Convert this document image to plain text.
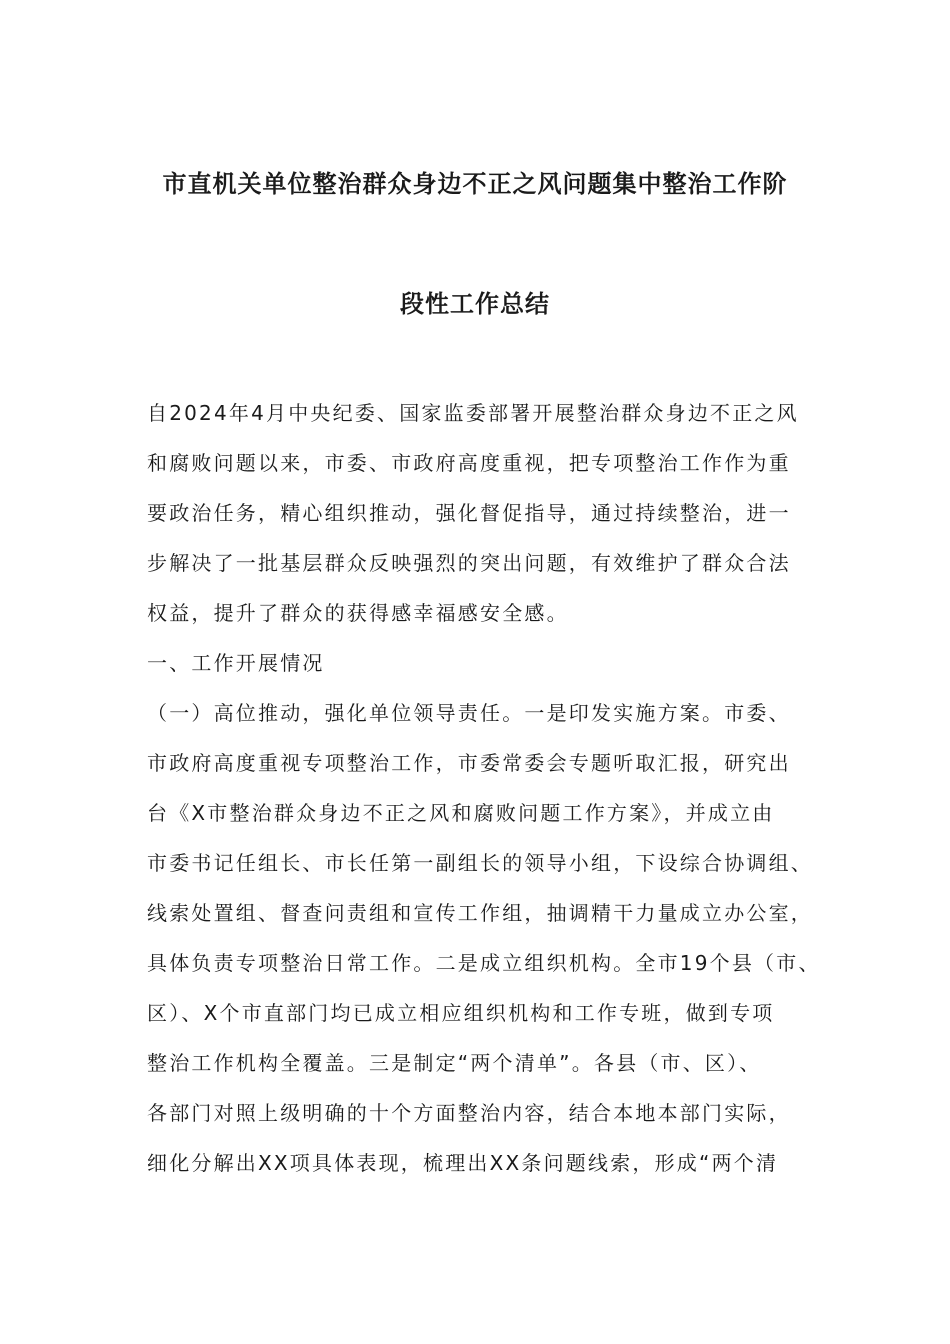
市直机关单位整治群众身边不正之风问题集中整治工作阶
段性工作总结
自2024年4月中央纪委、国家监委部署开展整治群众身边不正之风
和腐败问题以来，市委、市政府高度重视，把专项整治工作作为重
要政治任务，精心组织推动，强化督促指导，通过持续整治，进一
步解决了一批基层群众反映强烈的突出问题，有效维护了群众合法
权益，提升了群众的获得感幸福感安全感。
一、工作开展情况
（一）高位推动，强化单位领导责任。一是印发实施方案。市委、
市政府高度重视专项整治工作，市委常委会专题听取汇报，研究出
台《X市整治群众身边不正之风和腐败问题工作方案》，并成立由
市委书记任组长、市长任第一副组长的领导小组，下设综合协调组、
线索处置组、督查问责组和宣传工作组，抽调精干力量成立办公室，
具体负责专项整治日常工作。二是成立组织机构。全市19个县（市、
区）、X个市直部门均已成立相应组织机构和工作专班，做到专项
整治工作机构全覆盖。三是制定“两个清单”。各县（市、区）、
各部门对照上级明确的十个方面整治内容，结合本地本部门实际，
细化分解出XX项具体表现，梳理出XX条问题线索，形成“两个清
